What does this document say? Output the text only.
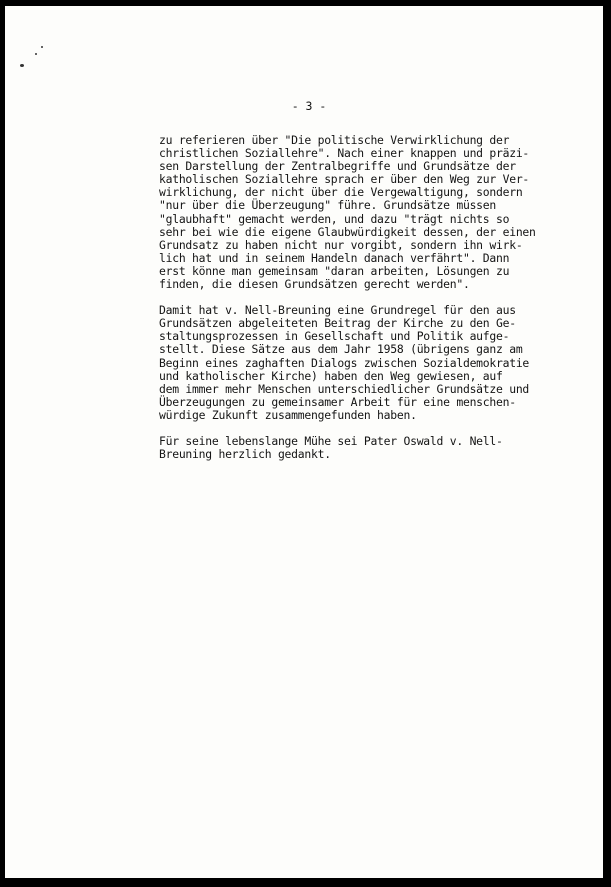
- 3 -

zu referieren über "Die politische Verwirklichung der
christlichen Soziallehre". Nach einer knappen und präzi-
sen Darstellung der Zentralbegriffe und Grundsätze der
katholischen Soziallehre sprach er über den Weg zur Ver-
wirklichung, der nicht über die Vergewaltigung, sondern
"nur über die Überzeugung" führe. Grundsätze müssen
"glaubhaft" gemacht werden, und dazu "trägt nichts so
sehr bei wie die eigene Glaubwürdigkeit dessen, der einen
Grundsatz zu haben nicht nur vorgibt, sondern ihn wirk-
lich hat und in seinem Handeln danach verfährt". Dann
erst könne man gemeinsam "daran arbeiten, Lösungen zu
finden, die diesen Grundsätzen gerecht werden".

Damit hat v. Nell-Breuning eine Grundregel für den aus
Grundsätzen abgeleiteten Beitrag der Kirche zu den Ge-
staltungsprozessen in Gesellschaft und Politik aufge-
stellt. Diese Sätze aus dem Jahr 1958 (übrigens ganz am
Beginn eines zaghaften Dialogs zwischen Sozialdemokratie
und katholischer Kirche) haben den Weg gewiesen, auf
dem immer mehr Menschen unterschiedlicher Grundsätze und
Überzeugungen zu gemeinsamer Arbeit für eine menschen-
würdige Zukunft zusammengefunden haben.

Für seine lebenslange Mühe sei Pater Oswald v. Nell-
Breuning herzlich gedankt.
